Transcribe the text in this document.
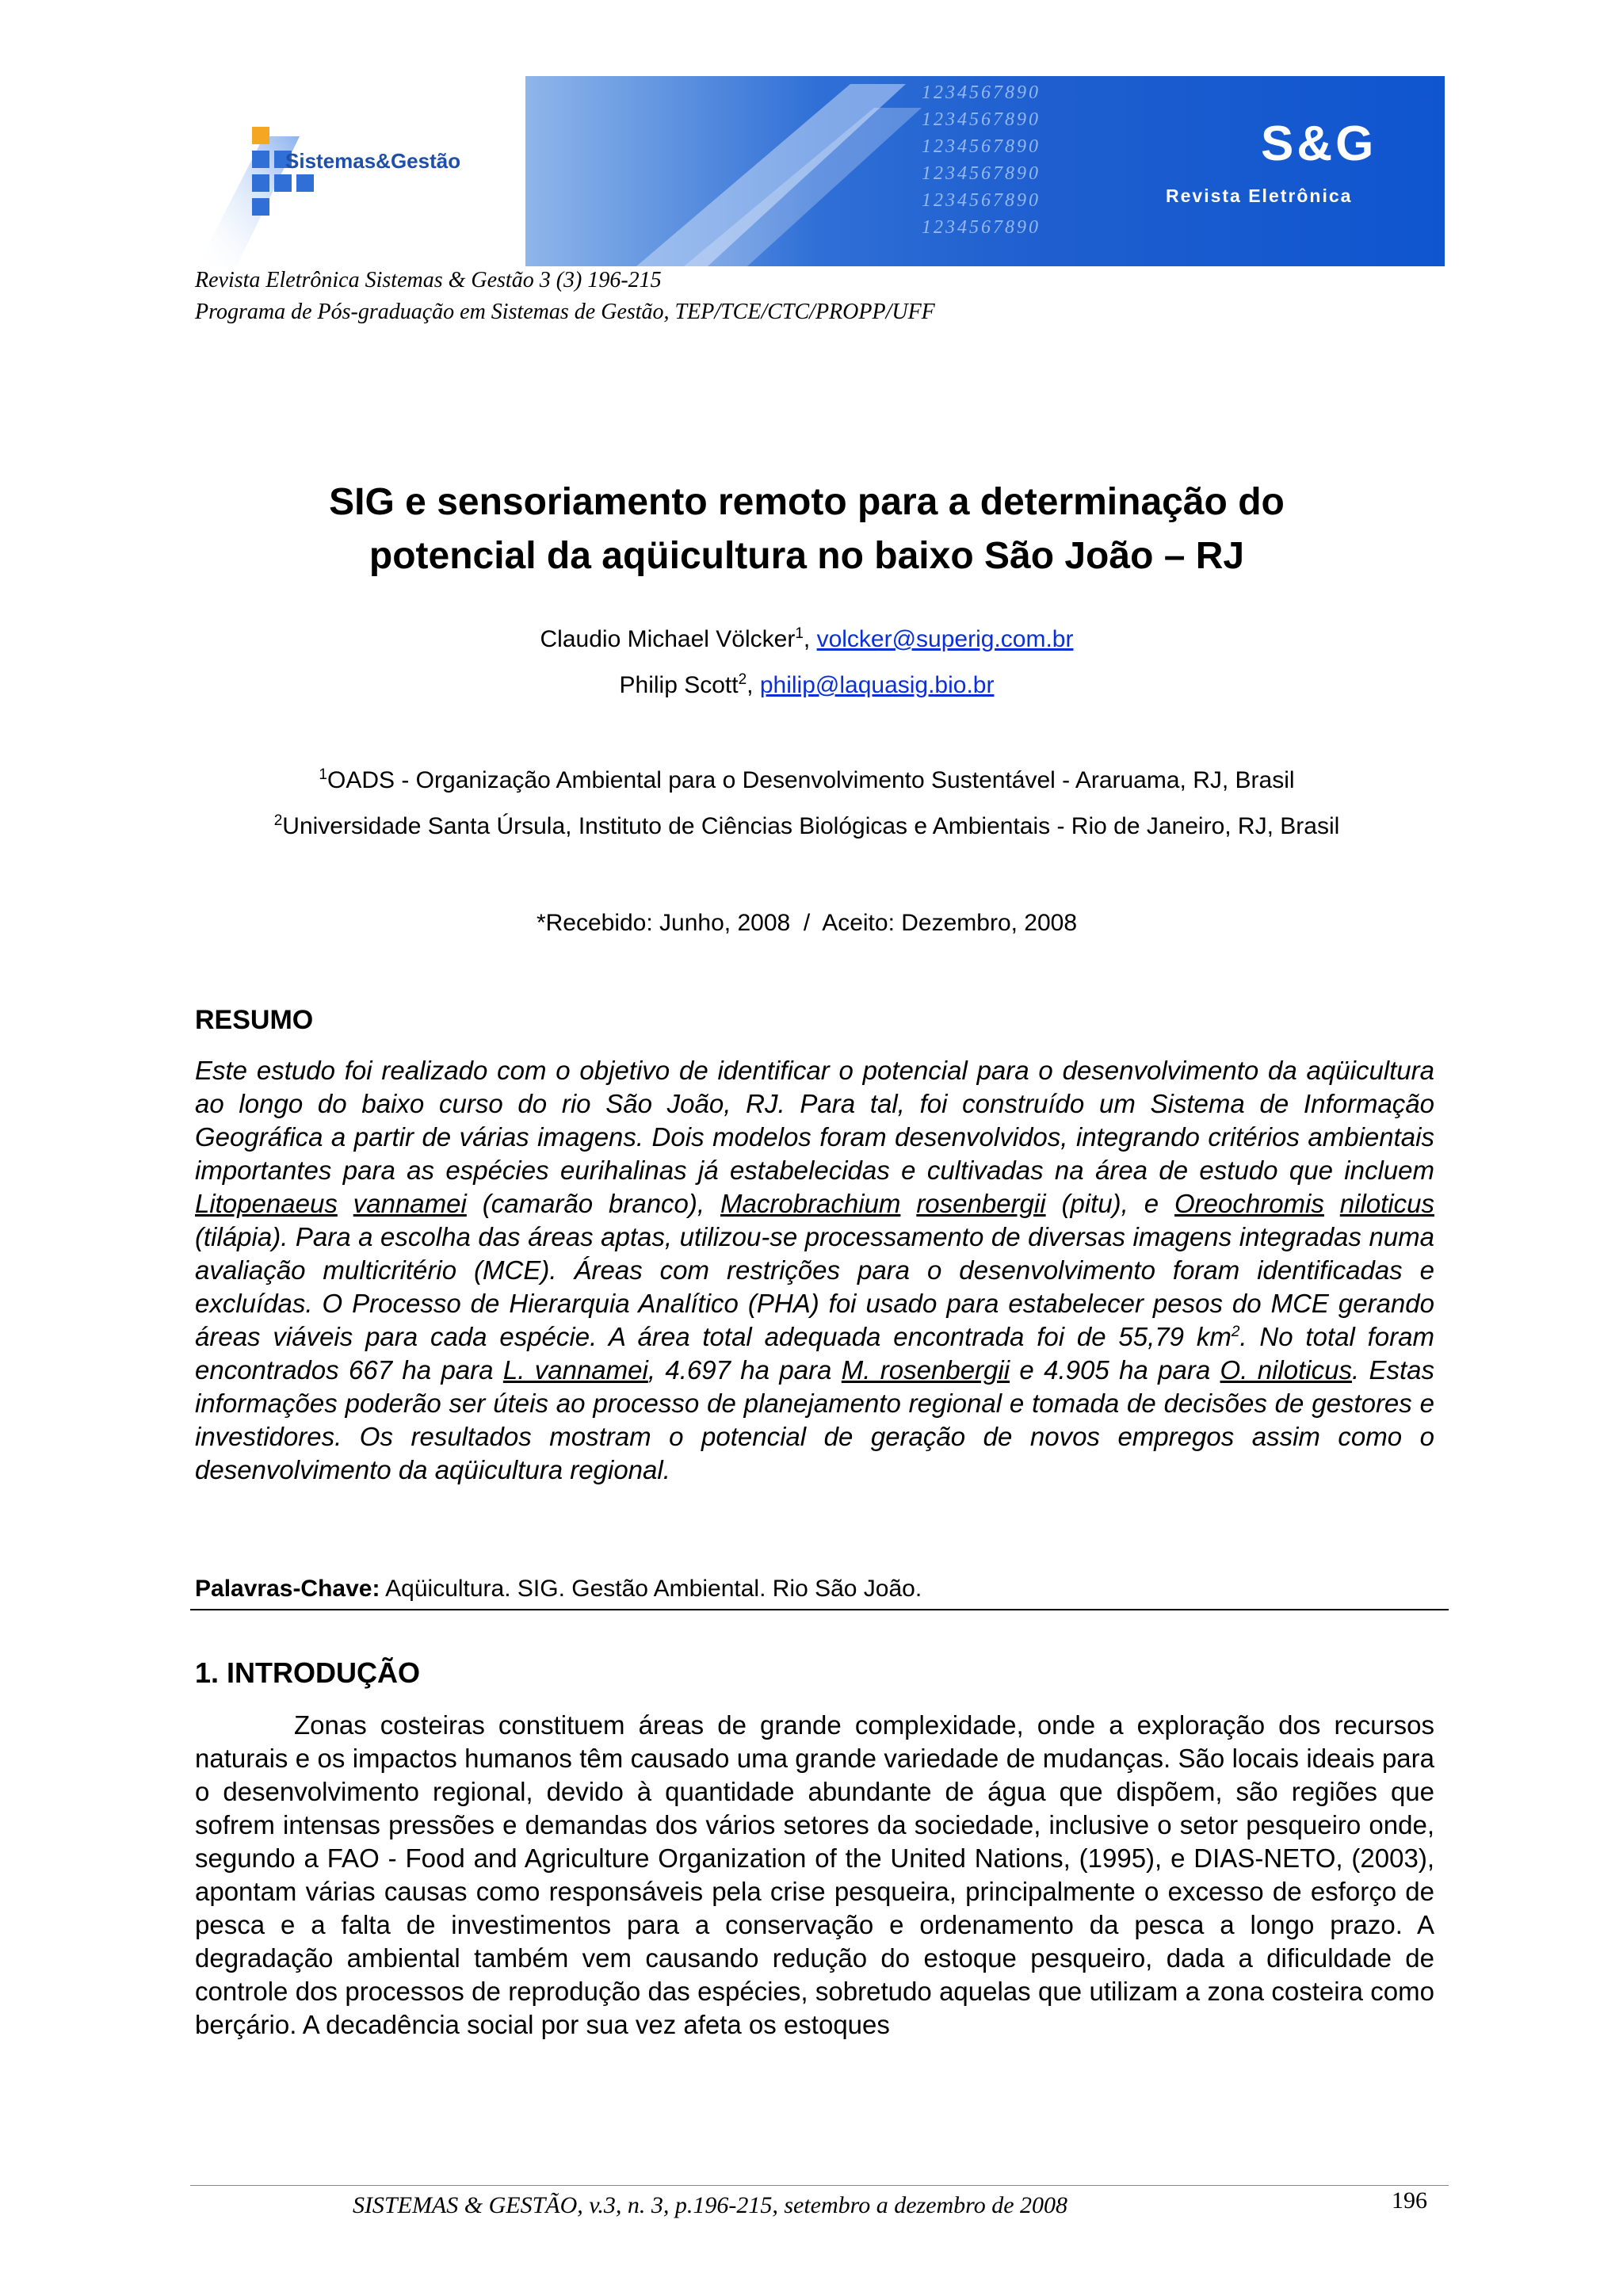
Sistemas&Gestão
1234567890
1234567890
1234567890
1234567890
1234567890
1234567890
S&G
Revista Eletrônica
Revista Eletrônica Sistemas & Gestão 3 (3) 196-215
Programa de Pós-graduação em Sistemas de Gestão, TEP/TCE/CTC/PROPP/UFF
SIG e sensoriamento remoto para a determinação do
potencial da aqüicultura no baixo São João – RJ
Claudio Michael Völcker$^1$, volcker@superig.com.br
Philip Scott$^2$, philip@laquasig.bio.br
$^1$OADS - Organização Ambiental para o Desenvolvimento Sustentável - Araruama, RJ, Brasil
$^2$Universidade Santa Úrsula, Instituto de Ciências Biológicas e Ambientais - Rio de Janeiro, RJ, Brasil
*Recebido: Junho, 2008  /  Aceito: Dezembro, 2008
RESUMO
Este estudo foi realizado com o objetivo de identificar o potencial para o desenvolvimento da aqüicultura ao longo do baixo curso do rio São João, RJ. Para tal, foi construído um Sistema de Informação Geográfica a partir de várias imagens. Dois modelos foram desenvolvidos, integrando critérios ambientais importantes para as espécies eurihalinas já estabelecidas e cultivadas na área de estudo que incluem Litopenaeus vannamei (camarão branco), Macrobrachium rosenbergii (pitu), e Oreochromis niloticus (tilápia). Para a escolha das áreas aptas, utilizou-se processamento de diversas imagens integradas numa avaliação multicritério (MCE). Áreas com restrições para o desenvolvimento foram identificadas e excluídas. O Processo de Hierarquia Analítico (PHA) foi usado para estabelecer pesos do MCE gerando áreas viáveis para cada espécie. A área total adequada encontrada foi de 55,79 $km^2$. No total foram encontrados 667 ha para L. vannamei, 4.697 ha para M. rosenbergii e 4.905 ha para O. niloticus. Estas informações poderão ser úteis ao processo de planejamento regional e tomada de decisões de gestores e investidores. Os resultados mostram o potencial de geração de novos empregos assim como o desenvolvimento da aqüicultura regional.
Palavras-Chave: Aqüicultura. SIG. Gestão Ambiental. Rio São João.
1. INTRODUÇÃO
Zonas costeiras constituem áreas de grande complexidade, onde a exploração dos recursos naturais e os impactos humanos têm causado uma grande variedade de mudanças. São locais ideais para o desenvolvimento regional, devido à quantidade abundante de água que dispõem, são regiões que sofrem intensas pressões e demandas dos vários setores da sociedade, inclusive o setor pesqueiro onde, segundo a FAO - Food and Agriculture Organization of the United Nations, (1995), e DIAS-NETO, (2003), apontam várias causas como responsáveis pela crise pesqueira, principalmente o excesso de esforço de pesca e a falta de investimentos para a conservação e ordenamento da pesca a longo prazo. A degradação ambiental também vem causando redução do estoque pesqueiro, dada a dificuldade de controle dos processos de reprodução das espécies, sobretudo aquelas que utilizam a zona costeira como berçário. A decadência social por sua vez afeta os estoques
SISTEMAS & GESTÃO, v.3, n. 3, p.196-215, setembro a dezembro de 2008	196
